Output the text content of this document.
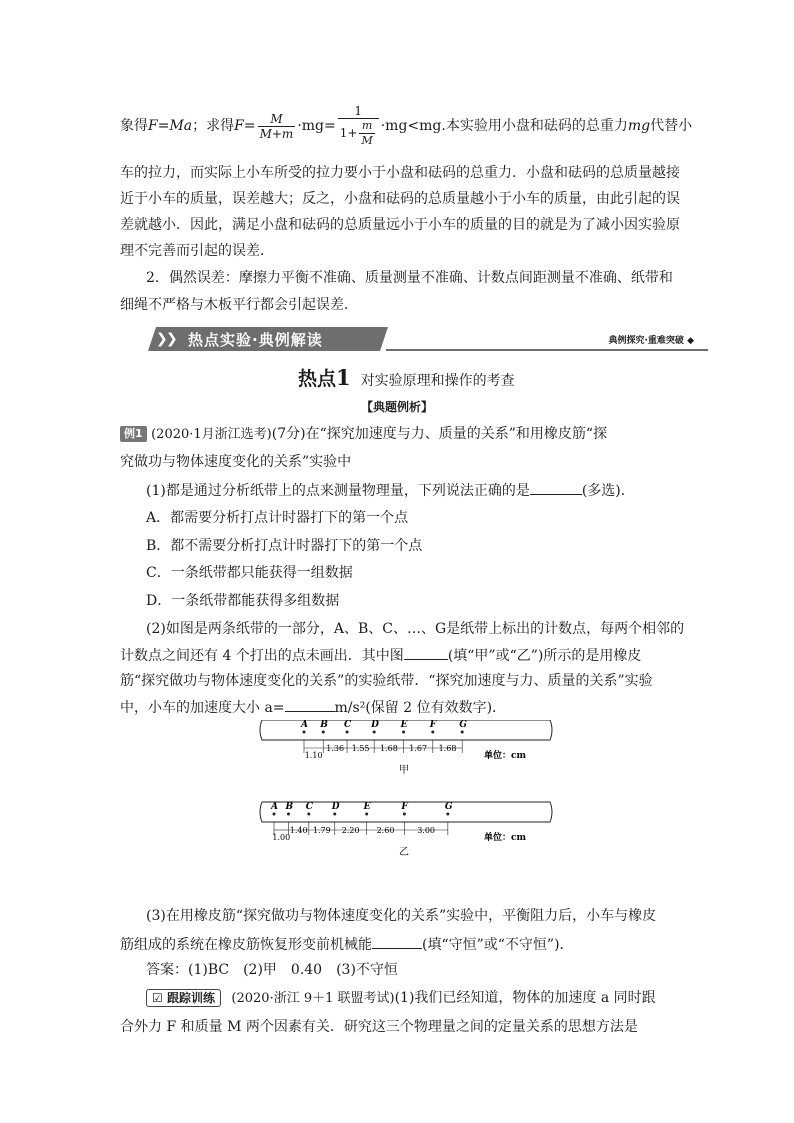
象得F=Ma；求得$F= \frac{M}{M+m} \cdot mg= \frac{1}{1+ \frac{m}{M}} \cdot mg<mg$.本实验用小盘和砝码的总重力mg代替小
车的拉力，而实际上小车所受的拉力要小于小盘和砝码的总重力．小盘和砝码的总质量越接
近于小车的质量，误差越大；反之，小盘和砝码的总质量越小于小车的质量，由此引起的误
差就越小．因此，满足小盘和砝码的总质量远小于小车的质量的目的就是为了减小因实验原
理不完善而引起的误差．
2．偶然误差：摩擦力平衡不准确、质量测量不准确、计数点间距测量不准确、纸带和
细绳不严格与木板平行都会引起误差．
❯
❯ 热点实验·典例解读	典例探究·重难突破 ◆
热点1 对实验原理和操作的考查
【典题例析】
例1 (2020·1月浙江选考)(7分)在“探究加速度与力、质量的关系”和用橡皮筋“探
究做功与物体速度变化的关系”实验中
(1)都是通过分析纸带上的点来测量物理量，下列说法正确的是	(多选)．
A．都需要分析打点计时器打下的第一个点
B．都不需要分析打点计时器打下的第一个点
C．一条纸带都只能获得一组数据
D．一条纸带都能获得多组数据
(2)如图是两条纸带的一部分，A、B、C、…、G是纸带上标出的计数点，每两个相邻的
计数点之间还有 4 个打出的点未画出．其中图	(填“甲”或“乙”)所示的是用橡皮
筋“探究做功与物体速度变化的关系”的实验纸带．“探究加速度与力、质量的关系”实验
中，小车的加速度大小 a=	m/s²(保留 2 位有效数字)．
A B C D E F	G
1.10
1.36 1.55 1.68 1.67 1.68
单位：cm
甲
A B C D	E	F	G
1.00
1.40 1.79 2.20 2.60	3.00
单位：cm
乙
(3)在用橡皮筋“探究做功与物体速度变化的关系”实验中，平衡阻力后，小车与橡皮
筋组成的系统在橡皮筋恢复形变前机械能	(填“守恒”或“不守恒”)．
答案：(1)BC　(2)甲　0.40　(3)不守恒
☑ 跟踪训练 (2020·浙江 9＋1 联盟考试)(1)我们已经知道，物体的加速度 a 同时跟
合外力 F 和质量 M 两个因素有关．研究这三个物理量之间的定量关系的思想方法是
